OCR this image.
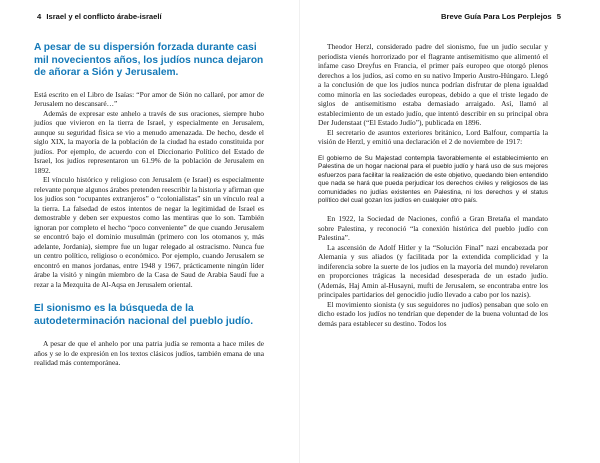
4 Israel y el conflicto árabe-israelí
A pesar de su dispersión forzada durante casi mil novecientos años, los judíos nunca dejaron de añorar a Sión y Jerusalem.

Está escrito en el Libro de Isaías: “Por amor de Sión no callaré, por amor de Jerusalem no descansaré…”

Además de expresar este anhelo a través de sus oraciones, siempre hubo judíos que vivieron en la tierra de Israel, y especialmente en Jerusalem, aunque su seguridad física se vio a menudo amenazada. De hecho, desde el siglo XIX, la mayoría de la población de la ciudad ha estado constituida por judíos. Por ejemplo, de acuerdo con el Diccionario Político del Estado de Israel, los judíos representaron un 61.9% de la población de Jerusalem en 1892.

El vínculo histórico y religioso con Jerusalem (e Israel) es especialmente relevante porque algunos árabes pretenden reescribir la historia y afirman que los judíos son “ocupantes extranjeros” o “colonialistas” sin un vínculo real a la tierra. La falsedad de estos intentos de negar la legitimidad de Israel es demostrable y deben ser expuestos como las mentiras que lo son. También ignoran por completo el hecho “poco conveniente” de que cuando Jerusalem se encontró bajo el dominio musulmán (primero con los otomanos y, más adelante, Jordania), siempre fue un lugar relegado al ostracismo. Nunca fue un centro político, religioso o económico. Por ejemplo, cuando Jerusalem se encontró en manos jordanas, entre 1948 y 1967, prácticamente ningún líder árabe la visitó y ningún miembro de la Casa de Saud de Arabia Saudí fue a rezar a la Mezquita de Al-Aqsa en Jerusalem oriental.

El sionismo es la búsqueda de la autodeterminación nacional del pueblo judío.

A pesar de que el anhelo por una patria judía se remonta a hace miles de años y se lo de expresión en los textos clásicos judíos, también emana de una realidad más contemporánea.

Breve Guía Para Los Perplejos 5

Theodor Herzl, considerado padre del sionismo, fue un judío secular y periodista vienés horrorizado por el flagrante antisemitismo que alimentó el infame caso Dreyfus en Francia, el primer país europeo que otorgó plenos derechos a los judíos, así como en su nativo Imperio Austro-Húngaro. Llegó a la conclusión de que los judíos nunca podrían disfrutar de plena igualdad como minoría en las sociedades europeas, debido a que el triste legado de siglos de antisemitismo estaba demasiado arraigado. Así, llamó al establecimiento de un estado judío, que intentó describir en su principal obra Der Judenstaat (“El Estado Judío”), publicada en 1896.

El secretario de asuntos exteriores británico, Lord Balfour, compartía la visión de Herzl, y emitió una declaración el 2 de noviembre de 1917:

El gobierno de Su Majestad contempla favorablemente el establecimiento en Palestina de un hogar nacional para el pueblo judío y hará uso de sus mejores esfuerzos para facilitar la realización de este objetivo, quedando bien entendido que nada se hará que pueda perjudicar los derechos civiles y religiosos de las comunidades no judías existentes en Palestina, ni los derechos y el status político del cual gozan los judíos en cualquier otro país.

En 1922, la Sociedad de Naciones, confió a Gran Bretaña el mandato sobre Palestina, y reconoció “la conexión histórica del pueblo judío con Palestina”.

La ascensión de Adolf Hitler y la “Solución Final” nazi encabezada por Alemania y sus aliados (y facilitada por la extendida complicidad y la indiferencia sobre la suerte de los judíos en la mayoría del mundo) revelaron en proporciones trágicas la necesidad desesperada de un estado judío. (Además, Haj Amin al-Husayni, mufti de Jerusalem, se encontraba entre los principales partidarios del genocidio judío llevado a cabo por los nazis).

El movimiento sionista (y sus seguidores no judíos) pensaban que solo en dicho estado los judíos no tendrían que depender de la buena voluntad de los demás para establecer su destino. Todos los
